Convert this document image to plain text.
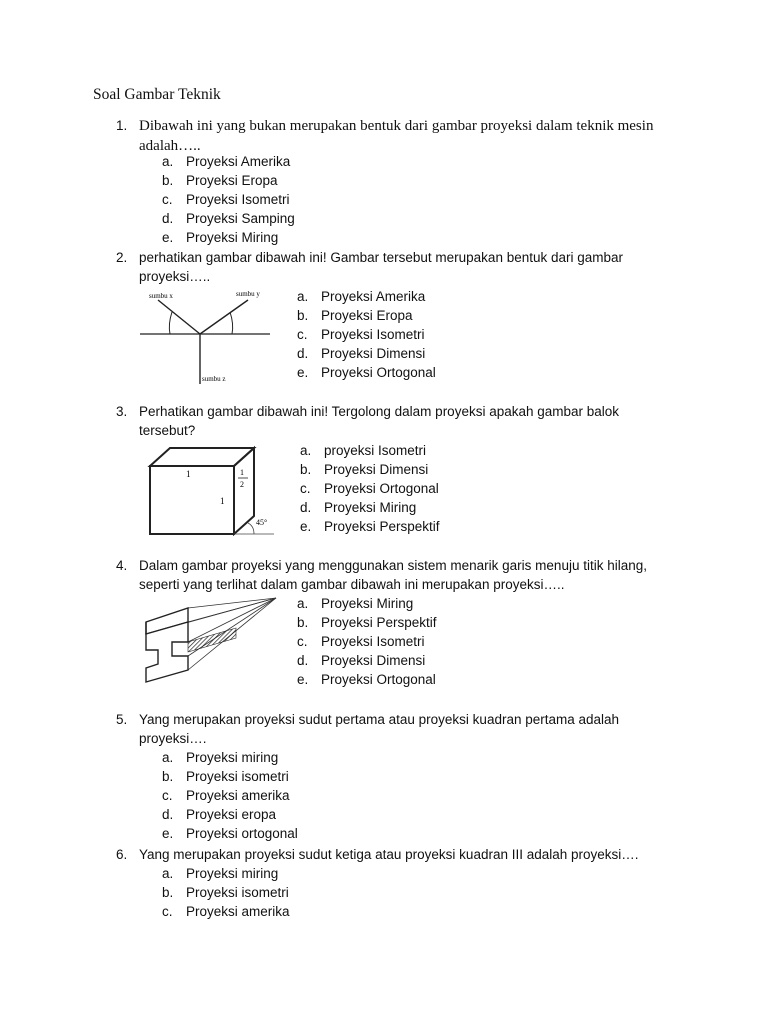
Soal Gambar Teknik
1. Dibawah ini yang bukan merupakan bentuk dari gambar proyeksi dalam teknik mesin adalah…..

a. Proyeksi Amerika
b. Proyeksi Eropa
c. Proyeksi Isometri
d. Proyeksi Samping
e. Proyeksi Miring
2. perhatikan gambar dibawah ini! Gambar tersebut merupakan bentuk dari gambar proyeksi…..

sumbu x	sumbu y
sumbu z
a. Proyeksi Amerika
b. Proyeksi Eropa
c. Proyeksi Isometri
d. Proyeksi Dimensi
e. Proyeksi Ortogonal
3. Perhatikan gambar dibawah ini! Tergolong dalam proyeksi apakah gambar balok tersebut?

1	1
2
1
45°
a. proyeksi Isometri
b. Proyeksi Dimensi
c. Proyeksi Ortogonal
d. Proyeksi Miring
e. Proyeksi Perspektif
4. Dalam gambar proyeksi yang menggunakan sistem menarik garis menuju titik hilang, seperti yang terlihat dalam gambar dibawah ini merupakan proyeksi…..

a. Proyeksi Miring
b. Proyeksi Perspektif
c. Proyeksi Isometri
d. Proyeksi Dimensi
e. Proyeksi Ortogonal
5. Yang merupakan proyeksi sudut pertama atau proyeksi kuadran pertama adalah proyeksi….

a. Proyeksi miring
b. Proyeksi isometri
c. Proyeksi amerika
d. Proyeksi eropa
e. Proyeksi ortogonal
6. Yang merupakan proyeksi sudut ketiga atau proyeksi kuadran III adalah proyeksi….

a. Proyeksi miring
b. Proyeksi isometri
c. Proyeksi amerika
